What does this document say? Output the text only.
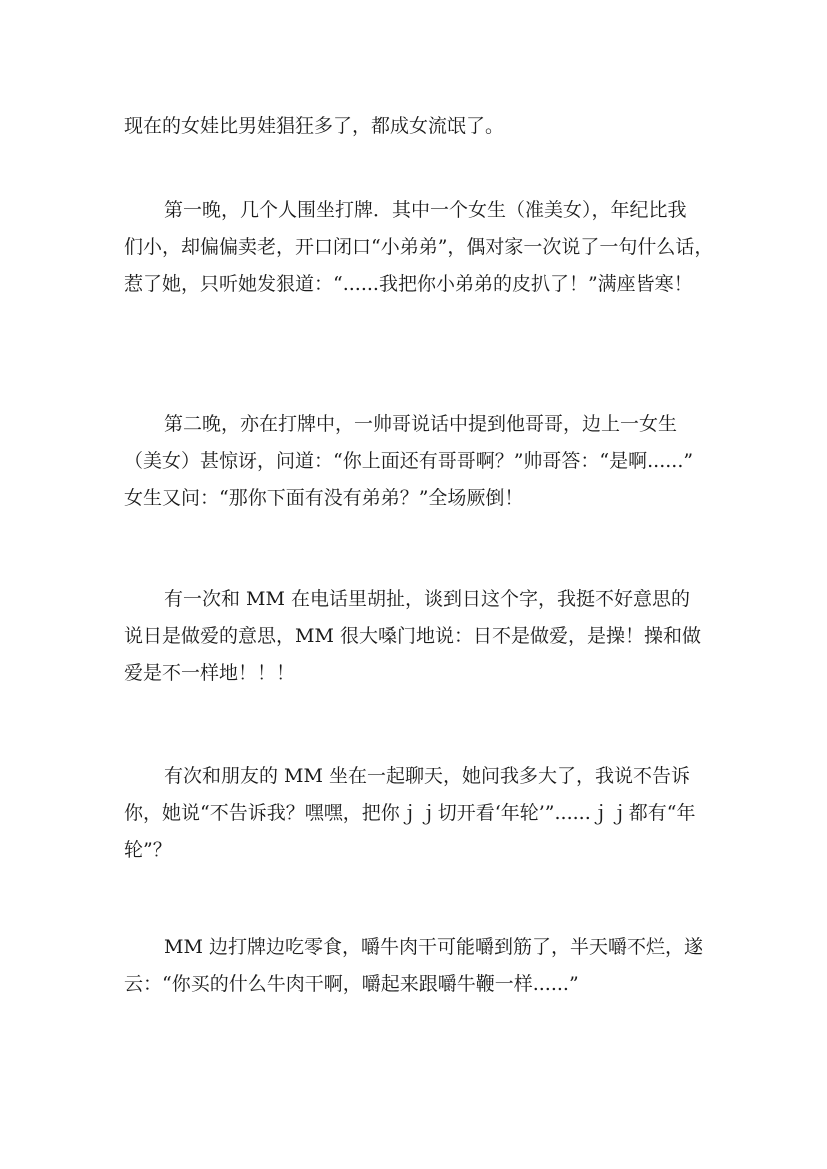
现在的女娃比男娃猖狂多了，都成女流氓了。

第一晚，几个人围坐打牌．其中一个女生（准美女），年纪比我
们小，却偏偏卖老，开口闭口“小弟弟”，偶对家一次说了一句什么话，
惹了她，只听她发狠道：“......我把你小弟弟的皮扒了！”满座皆寒！

第二晚，亦在打牌中，一帅哥说话中提到他哥哥，边上一女生
（美女）甚惊讶，问道：“你上面还有哥哥啊？”帅哥答：“是啊......”
女生又问：“那你下面有没有弟弟？”全场厥倒！

有一次和 MM 在电话里胡扯，谈到日这个字，我挺不好意思的
说日是做爱的意思，MM 很大嗓门地说：日不是做爱，是操！操和做
爱是不一样地！！！

有次和朋友的 MM 坐在一起聊天，她问我多大了，我说不告诉
你，她说“不告诉我？嘿嘿，把你ｊｊ切开看‘年轮’”......ｊｊ都有“年
轮”？

MM 边打牌边吃零食，嚼牛肉干可能嚼到筋了，半天嚼不烂，遂
云：“你买的什么牛肉干啊，嚼起来跟嚼牛鞭一样......”
